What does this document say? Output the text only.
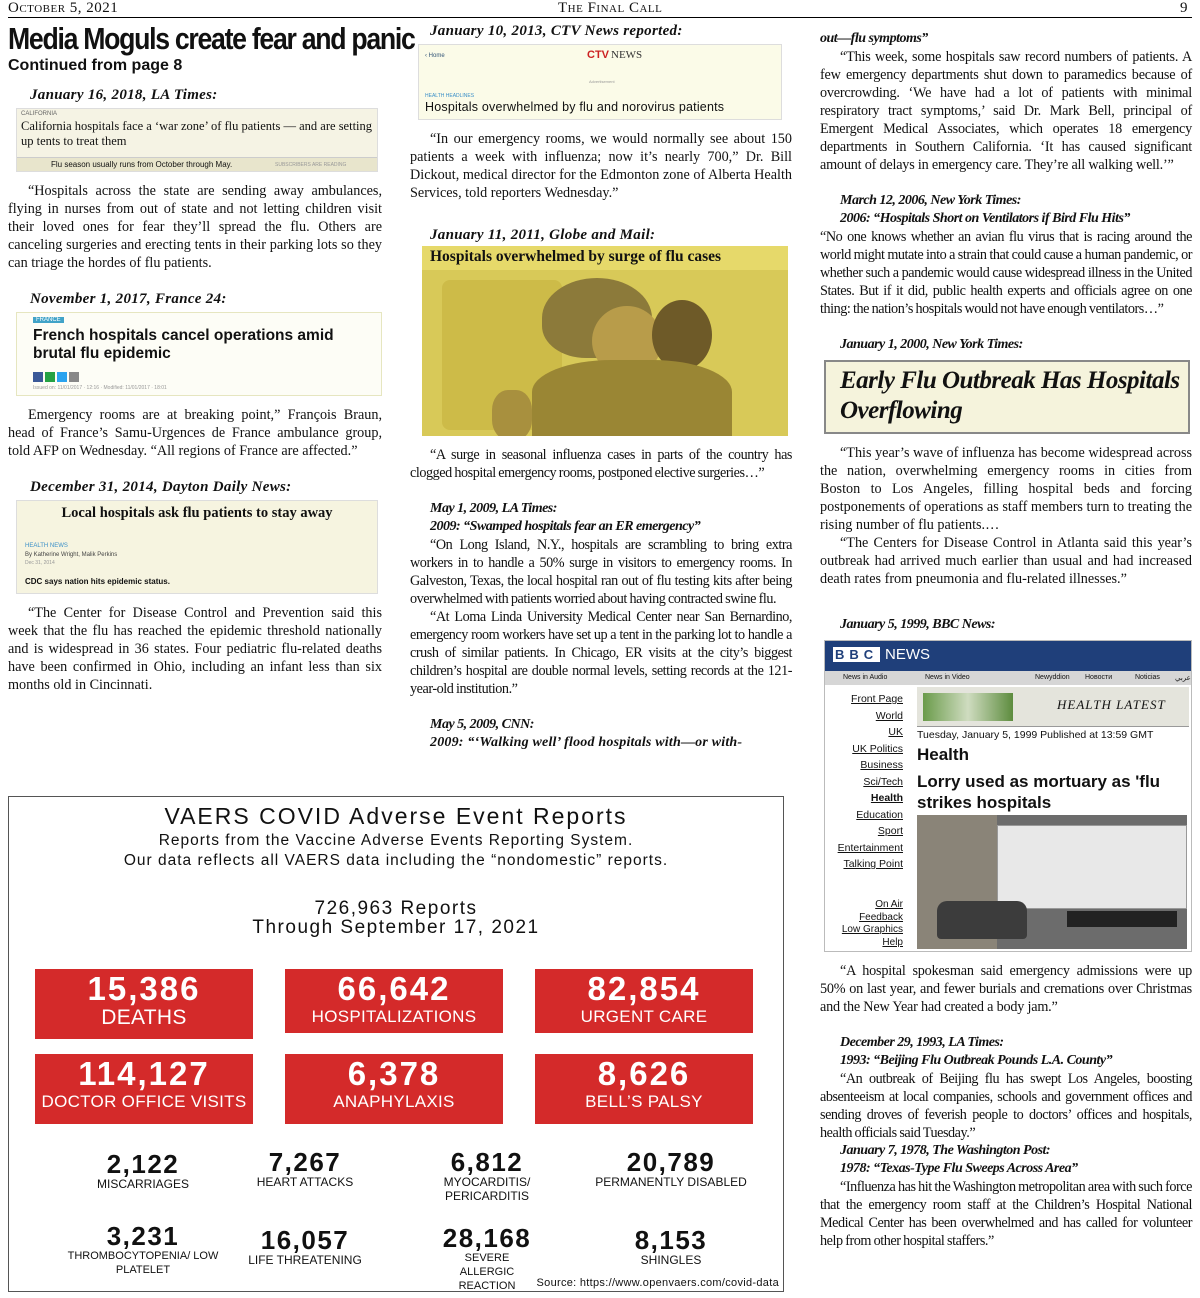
October 5, 2021	The Final Call	9
Media Moguls create fear and panic
Continued from page 8
January 16, 2018, LA Times:
CALIFORNIA
California hospitals face a ‘war zone’ of flu patients — and are setting up tents to treat them
Flu season usually runs from October through May.	SUBSCRIBERS ARE READING

“Hospitals across the state are sending away ambulances, flying in nurses from out of state and not letting children visit their loved ones for fear they’ll spread the flu. Others are canceling surgeries and erecting tents in their parking lots so they can triage the hordes of flu patients.

November 1, 2017, France 24:
FRANCE
French hospitals cancel operations amid brutal flu epidemic
Issued on: 11/01/2017 · 12:16 · Modified: 11/01/2017 · 18:01

Emergency rooms are at breaking point,” François Braun, head of France’s Samu-Urgences de France ambulance group, told AFP on Wednesday. “All regions of France are affected.”

December 31, 2014, Dayton Daily News:
Local hospitals ask flu patients to stay away
HEALTH NEWS
By Katherine Wright, Malik Perkins
Dec 31, 2014
CDC says nation hits epidemic status.

“The Center for Disease Control and Prevention said this week that the flu has reached the epidemic threshold nationally and is widespread in 36 states. Four pediatric flu-related deaths have been confirmed in Ohio, including an infant less than six months old in Cincinnati.

January 10, 2013, CTV News reported:
‹ Home	CTV NEWS
Advertisement
HEALTH HEADLINES
Hospitals overwhelmed by flu and norovirus patients

“In our emergency rooms, we would normally see about 150 patients a week with influenza; now it’s nearly 700,” Dr. Bill Dickout, medical director for the Edmonton zone of Alberta Health Services, told reporters Wednesday.”

January 11, 2011, Globe and Mail:
Hospitals overwhelmed by surge of flu cases

“A surge in seasonal influenza cases in parts of the country has clogged hospital emergency rooms, postponed elective surgeries…”

May 1, 2009, LA Times:
2009: “Swamped hospitals fear an ER emergency”

“On Long Island, N.Y., hospitals are scrambling to bring extra workers in to handle a 50% surge in visitors to emergency rooms. In Galveston, Texas, the local hospital ran out of flu testing kits after being overwhelmed with patients worried about having contracted swine flu.

“At Loma Linda University Medical Center near San Bernardino, emergency room workers have set up a tent in the parking lot to handle a crush of similar patients. In Chicago, ER visits at the city’s biggest children’s hospital are double normal levels, setting records at the 121-year-old institution.”

May 5, 2009, CNN:
2009: “‘Walking well’ flood hospitals with—or with-
out—flu symptoms”

“This week, some hospitals saw record numbers of patients. A few emergency departments shut down to paramedics because of overcrowding. ‘We have had a lot of patients with minimal respiratory tract symptoms,’ said Dr. Mark Bell, principal of Emergent Medical Associates, which operates 18 emergency departments in Southern California. ‘It has caused significant amount of delays in emergency care. They’re all walking well.’”

March 12, 2006, New York Times:
2006: “Hospitals Short on Ventilators if Bird Flu Hits”

“No one knows whether an avian flu virus that is racing around the world might mutate into a strain that could cause a human pandemic, or whether such a pandemic would cause widespread illness in the United States. But if it did, public health experts and officials agree on one thing: the nation’s hospitals would not have enough ventilators…”

January 1, 2000, New York Times:
Early Flu Outbreak Has Hospitals Overflowing

“This year’s wave of influenza has become widespread across the nation, overwhelming emergency rooms in cities from Boston to Los Angeles, filling hospital beds and forcing postponements of operations as staff members turn to treating the rising number of flu patients.…

“The Centers for Disease Control in Atlanta said this year’s outbreak had arrived much earlier than usual and had increased death rates from pneumonia and flu-related illnesses.”

January 5, 1999, BBC News:
BBC NEWS
News in Audio	News in Video	Newyddion Новости	Noticias عربي
Front Page
World
UK
UK Politics
Business
Sci/Tech
Health
Education
Sport
Entertainment
Talking Point
On Air
Feedback
Low Graphics
Help
HEALTH LATEST
Tuesday, January 5, 1999 Published at 13:59 GMT
Health
Lorry used as mortuary as 'flu strikes hospitals

“A hospital spokesman said emergency admissions were up 50% on last year, and fewer burials and cremations over Christmas and the New Year had created a body jam.”

December 29, 1993, LA Times:
1993: “Beijing Flu Outbreak Pounds L.A. County”

“An outbreak of Beijing flu has swept Los Angeles, boosting absenteeism at local companies, schools and government offices and sending droves of feverish people to doctors’ offices and hospitals, health officials said Tuesday.”

January 7, 1978, The Washington Post:
1978: “Texas-Type Flu Sweeps Across Area”

“Influenza has hit the Washington metropolitan area with such force that the emergency room staff at the Children’s Hospital National Medical Center has been overwhelmed and has called for volunteer help from other hospital staffers.”

VAERS COVID Adverse Event Reports
Reports from the Vaccine Adverse Events Reporting System.
Our data reflects all VAERS data including the “nondomestic” reports.
726,963 Reports
Through September 17, 2021
15,386
DEATHS
66,642
HOSPITALIZATIONS
82,854
URGENT CARE
114,127
DOCTOR OFFICE VISITS
6,378
ANAPHYLAXIS
8,626
BELL’S PALSY
2,122
MISCARRIAGES
7,267
HEART ATTACKS
6,812
MYOCARDITIS/ PERICARDITIS
20,789
PERMANENTLY DISABLED
3,231
THROMBOCYTOPENIA/ LOW PLATELET
16,057
LIFE THREATENING
28,168
SEVERE ALLERGIC REACTION
8,153
SHINGLES
Source: https://www.openvaers.com/covid-data
